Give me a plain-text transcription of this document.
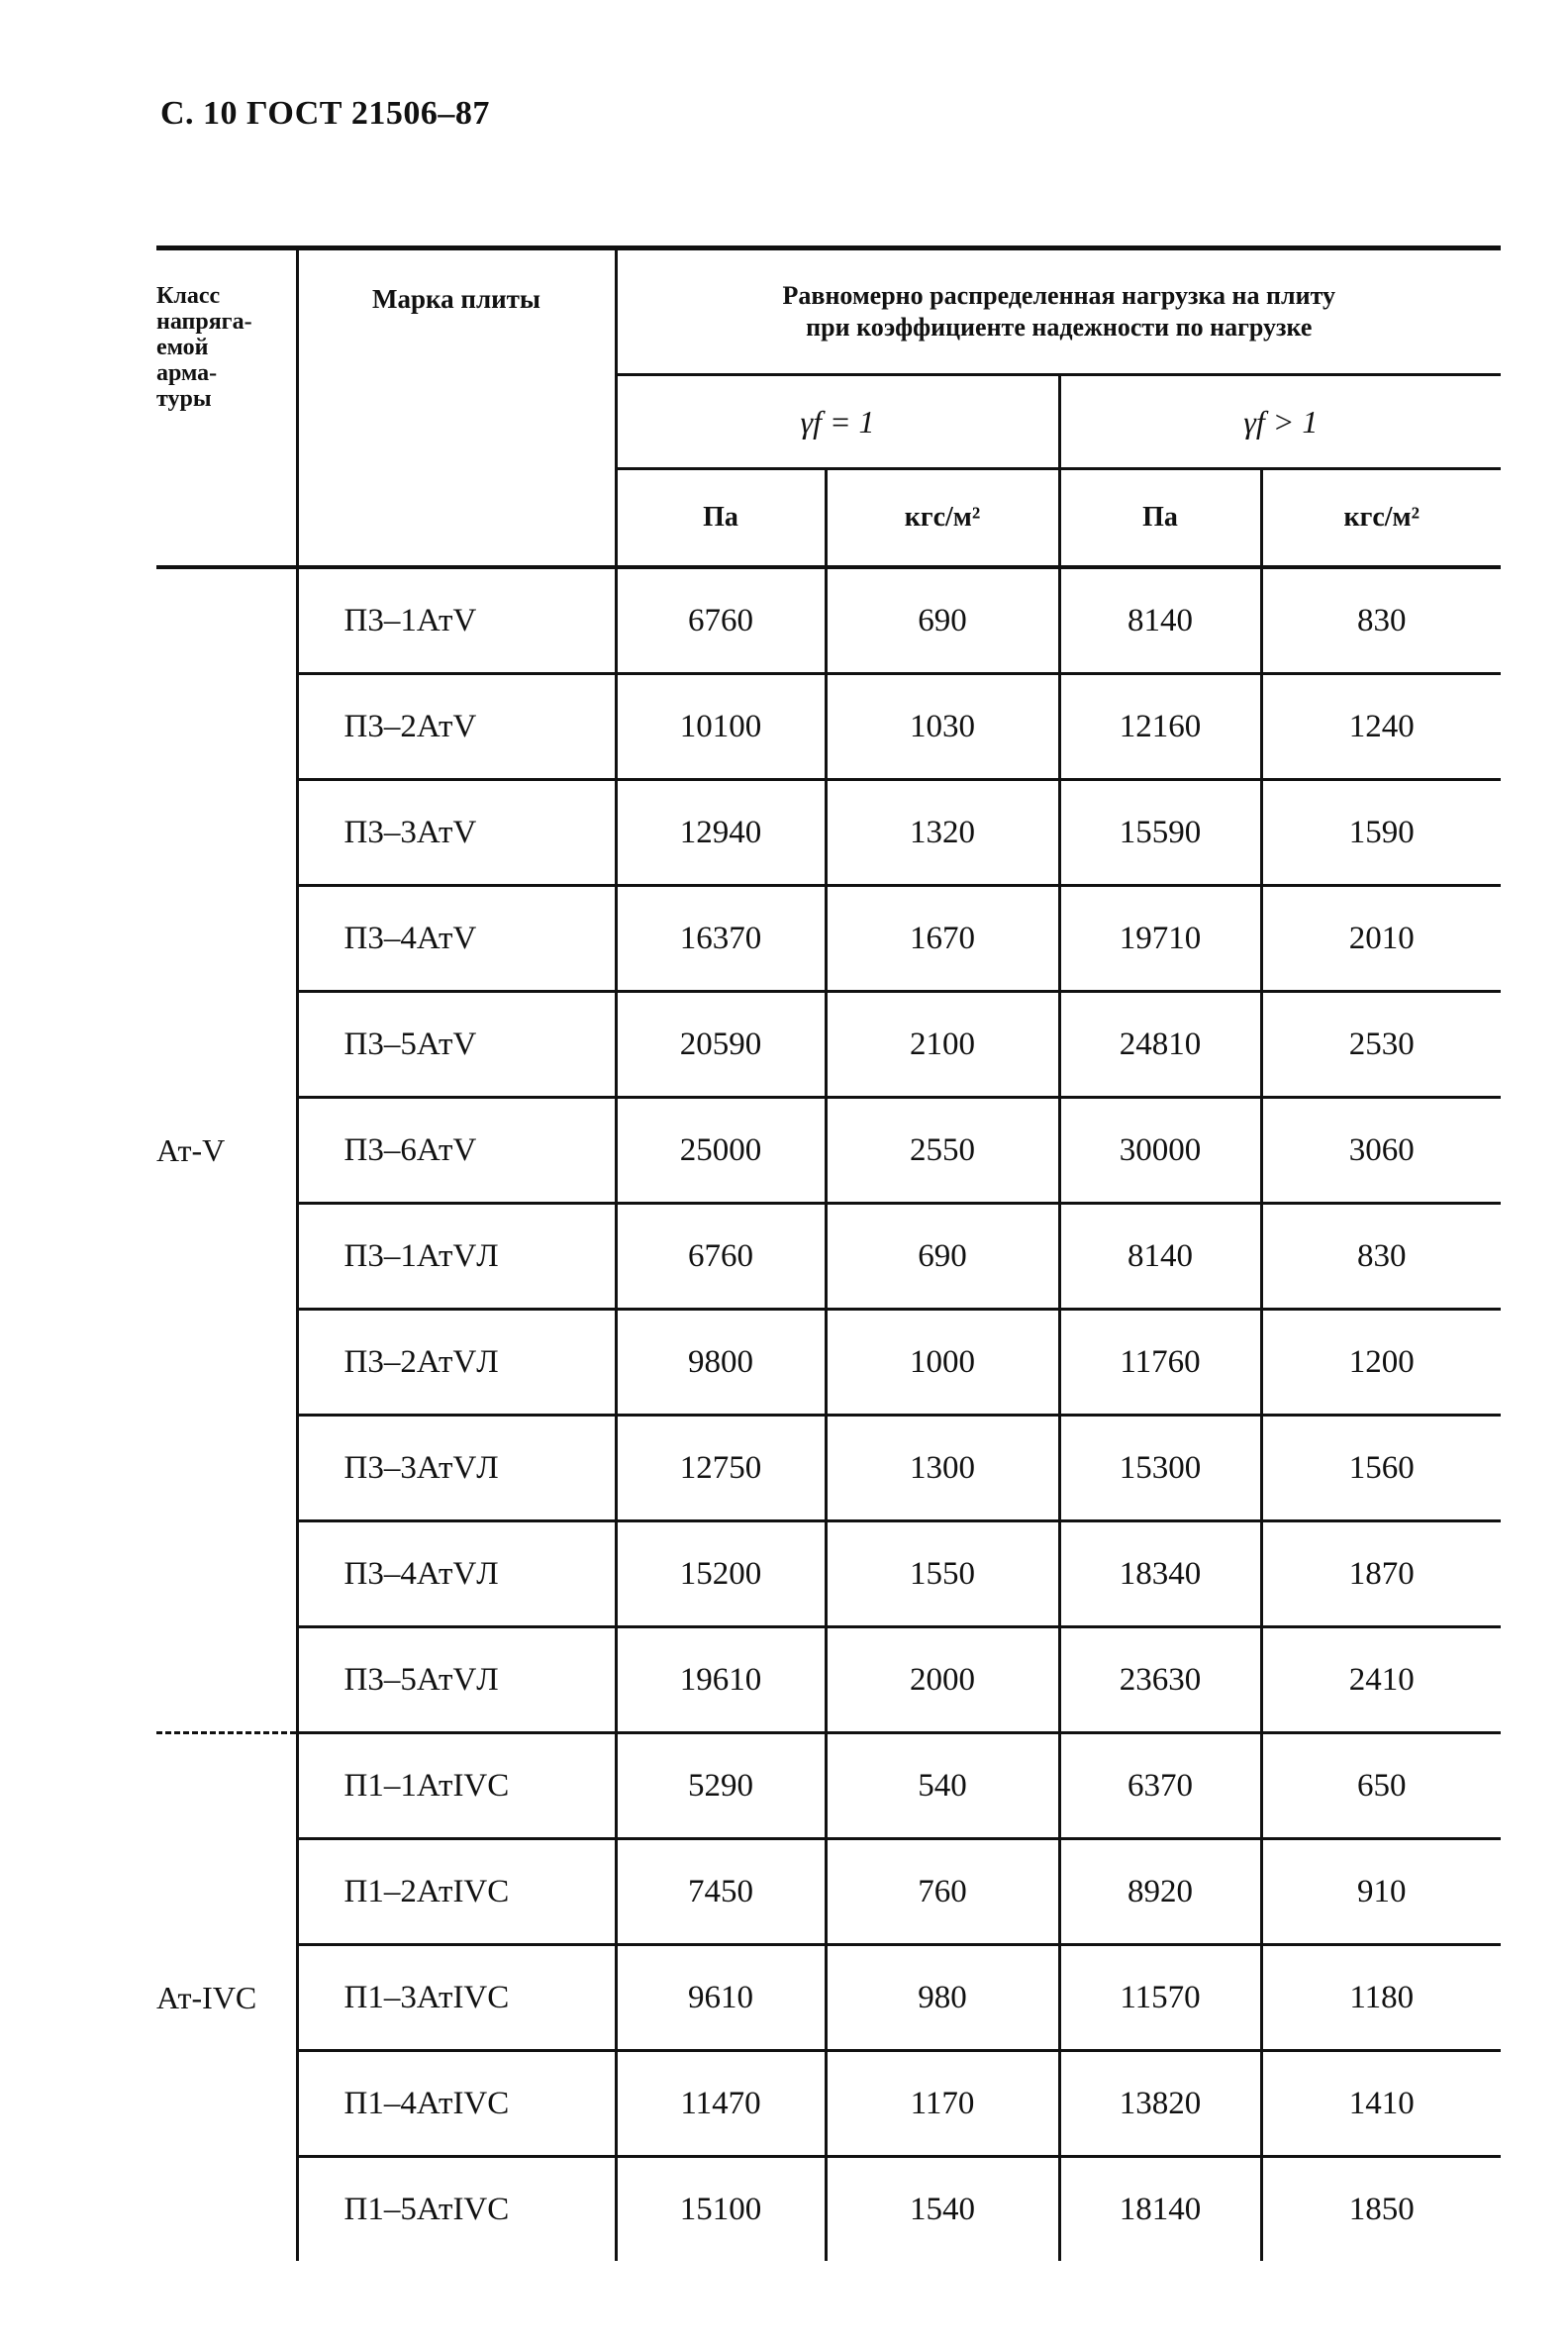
С. 10 ГОСТ 21506–87
Класс
напряга-
емой
арма-
туры	Марка плиты	Равномерно распределенная нагрузка на плиту
при коэффициенте надежности по нагрузке			

		γf = 1		γf > 1	
		Па	кгс/м²	Па	кгс/м²
Ат-V	П3–1АтV	6760	690	8140	830
	П3–2АтV	10100	1030	12160	1240
	П3–3АтV	12940	1320	15590	1590
	П3–4АтV	16370	1670	19710	2010
	П3–5АтV	20590	2100	24810	2530
	П3–6АтV	25000	2550	30000	3060
	П3–1АтVЛ	6760	690	8140	830
	П3–2АтVЛ	9800	1000	11760	1200
	П3–3АтVЛ	12750	1300	15300	1560
	П3–4АтVЛ	15200	1550	18340	1870
	П3–5АтVЛ	19610	2000	23630	2410
Ат-IVC	П1–1АтIVC	5290	540	6370	650
	П1–2АтIVC	7450	760	8920	910
	П1–3АтIVC	9610	980	11570	1180
	П1–4АтIVC	11470	1170	13820	1410
	П1–5АтIVC	15100	1540	18140	1850
